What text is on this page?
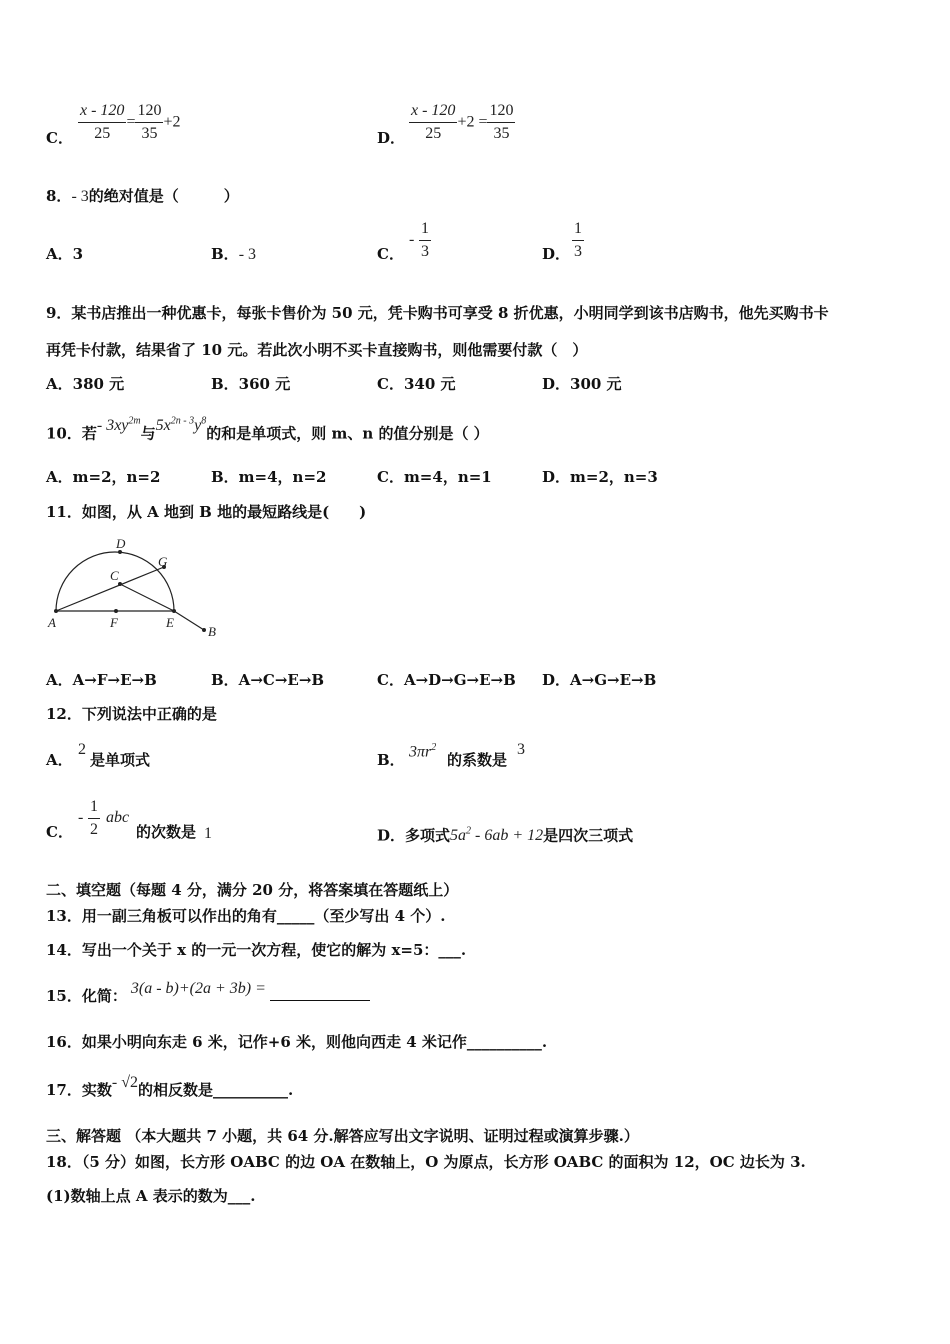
C． $\frac{x - 120}{25} = \frac{120}{35} +2$
D． $\frac{x - 120}{25} +2 = \frac{120}{35}$
8．- 3的绝对值是（　　　）
A．3	B．- 3	C．
- $\frac{1}{3}$	D． $\frac{1}{3}$
9．某书店推出一种优惠卡，每张卡售价为 50 元，凭卡购书可享受 8 折优惠，小明同学到该书店购书，他先买购书卡
再凭卡付款，结果省了 10 元。若此次小明不买卡直接购书，则他需要付款（　）
A．380 元	B．360 元	C．340 元	D．300 元
10．若- $3xy^{2m}$与$5x^{2n - 3}y^8$的和是单项式，则 m、n 的值分别是（ ）
A．m=2，n=2	B．m=4，n=2	C．m=4，n=1	D．m=2，n=3
11．如图，从 A 地到 B 地的最短路线是(　　)
A	F	E
D
G
C
B
A．A→F→E→B	B．A→C→E→B	C．A→D→G→E→B D．A→G→E→B
12．下列说法中正确的是
A．
2
是单项式	B． $3\pi r^2$
的系数是
3
C．
- $\frac{1}{2}$ abc
的次数是 1	D．多项式$5a^2 - 6ab + 12$是四次三项式
二、填空题（每题 4 分，满分 20 分，将答案填在答题纸上）
13．用一副三角板可以作出的角有_____（至少写出 4 个）.
14．写出一个关于 x 的一元一次方程，使它的解为 x=5：___.
15．化简： 3(a - b)+(2a + 3b) =
16．如果小明向东走 6 米，记作+6 米，则他向西走 4 米记作__________.
17．实数- √2的相反数是__________.
三、解答题 （本大题共 7 小题，共 64 分.解答应写出文字说明、证明过程或演算步骤.）
18．（5 分）如图，长方形 OABC 的边 OA 在数轴上，O 为原点，长方形 OABC 的面积为 12，OC 边长为 3.
(1)数轴上点 A 表示的数为___.
